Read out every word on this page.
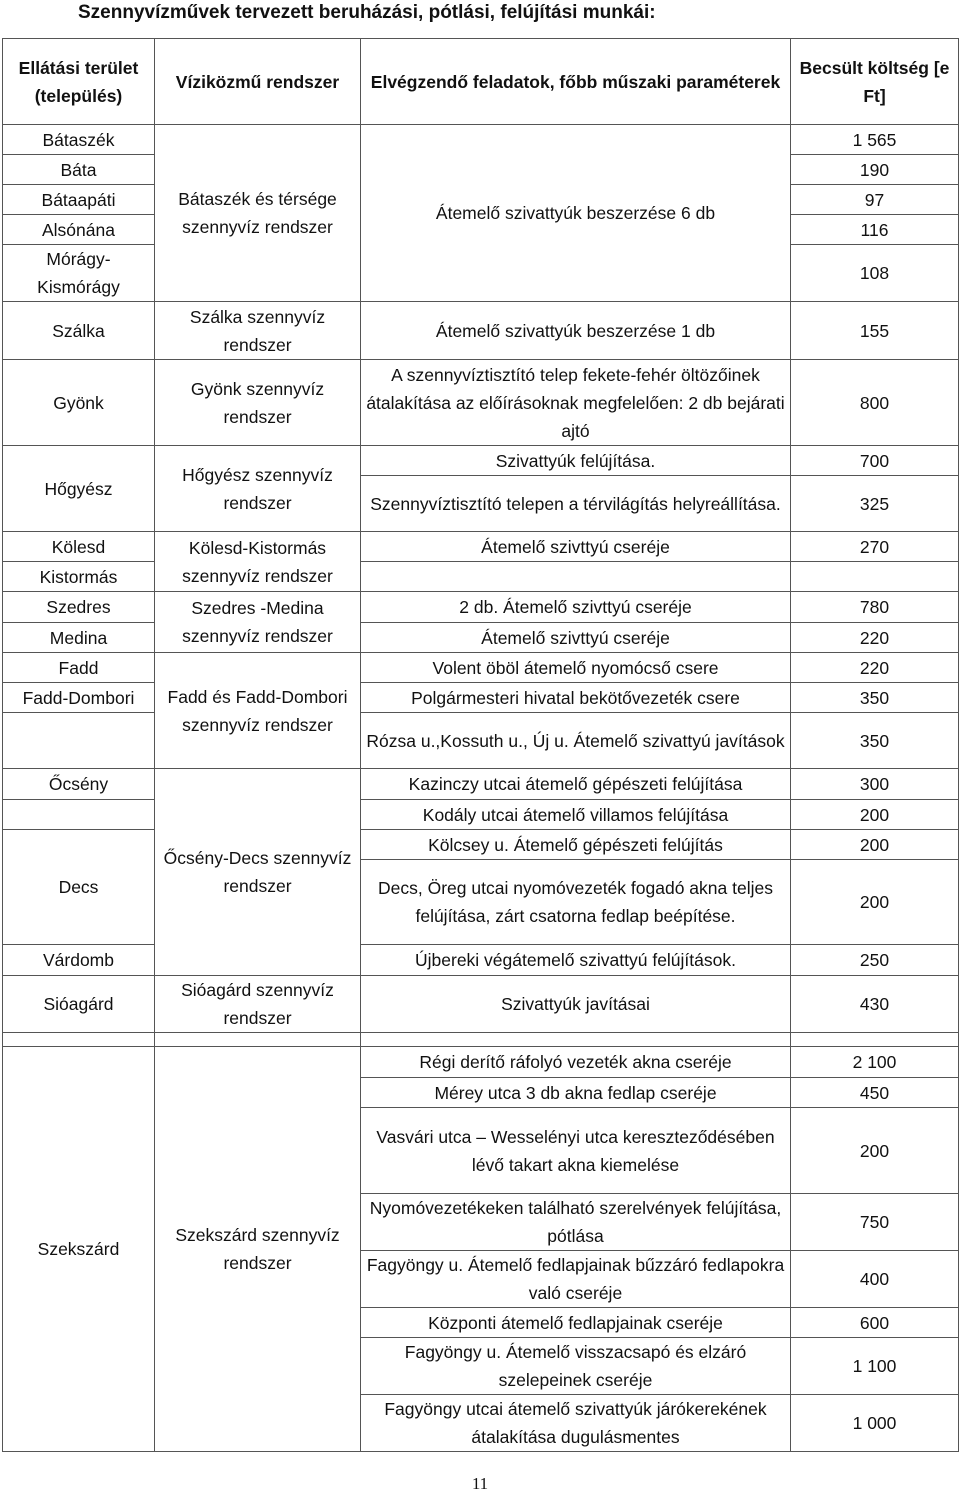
Szennyvízművek tervezett beruházási, pótlási, felújítási munkái:
Ellátási terület (település)	Víziközmű rendszer	Elvégzendő feladatok, főbb műszaki paraméterek	Becsült költség [e Ft]
Bátaszék	Bátaszék és térsége szennyvíz rendszer	Átemelő szivattyúk beszerzése 6 db	1 565
Báta			190
Bátaapáti			97
Alsónána			116
Mórágy-Kismórágy			108
Szálka	Szálka szennyvíz rendszer	Átemelő szivattyúk beszerzése 1 db	155
Gyönk	Gyönk szennyvíz rendszer	A szennyvíztisztító telep fekete-fehér öltözőinek átalakítása az előírásoknak megfelelően: 2 db bejárati ajtó	800
Hőgyész	Hőgyész szennyvíz rendszer	Szivattyúk felújítása.	700
		Szennyvíztisztító telepen a térvilágítás helyreállítása.	325
Kölesd	Kölesd-Kistormás szennyvíz rendszer	Átemelő szivttyú cseréje	270
Kistormás			
Szedres	Szedres -Medina szennyvíz rendszer	2 db. Átemelő szivttyú cseréje	780
Medina		Átemelő szivttyú cseréje	220
Fadd	Fadd és Fadd-Dombori szennyvíz rendszer	Volent öböl átemelő nyomócső csere	220
Fadd-Dombori		Polgármesteri hivatal bekötővezeték csere	350
		Rózsa u.,Kossuth u., Új u. Átemelő szivattyú javítások	350
Őcsény	Őcsény-Decs szennyvíz rendszer	Kazinczy utcai átemelő gépészeti felújítása	300
		Kodály utcai átemelő villamos felújítása	200
Decs		Kölcsey u. Átemelő gépészeti felújítás	200
		Decs, Öreg utcai nyomóvezeték fogadó akna teljes felújítása, zárt csatorna fedlap beépítése.	200
Várdomb		Újbereki végátemelő szivattyú felújítások.	250
Sióagárd	Sióagárd szennyvíz rendszer	Szivattyúk javításai	430

Szekszárd	Szekszárd szennyvíz rendszer	Régi derítő ráfolyó vezeték akna cseréje	2 100
		Mérey utca 3 db akna fedlap cseréje	450
		Vasvári utca – Wesselényi utca kereszteződésében lévő takart akna kiemelése	200
		Nyomóvezetékeken található szerelvények felújítása, pótlása	750
		Fagyöngy u. Átemelő fedlapjainak bűzzáró fedlapokra való cseréje	400
		Központi átemelő fedlapjainak cseréje	600
		Fagyöngy u. Átemelő visszacsapó és elzáró szelepeinek cseréje	1 100
		Fagyöngy utcai átemelő szivattyúk járókerekének átalakítása dugulásmentes	1 000
11
